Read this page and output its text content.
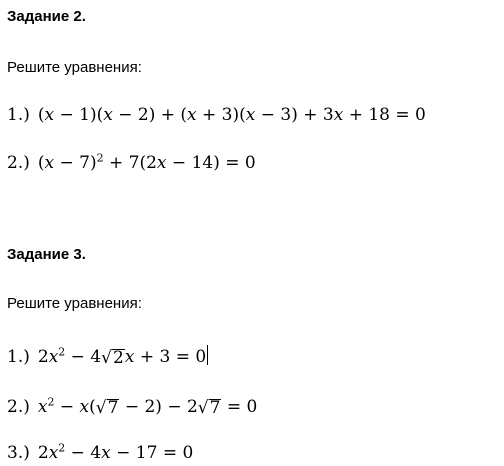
Задание 2.
Решите уравнения:
1.) (x − 1)(x − 2) + (x + 3)(x − 3) + 3x + 18 = 0
2.) $(x - 7)^2 + 7(2x - 14) = 0$
Задание 3.
Решите уравнения:
1.) $2x^2 - 4$ √ 2 x + 3 = 0
2.) $x^2 - x$( √ 7 − 2) − 2 √ 7 = 0
3.) $2x^2 - 4x - 17 = 0$
